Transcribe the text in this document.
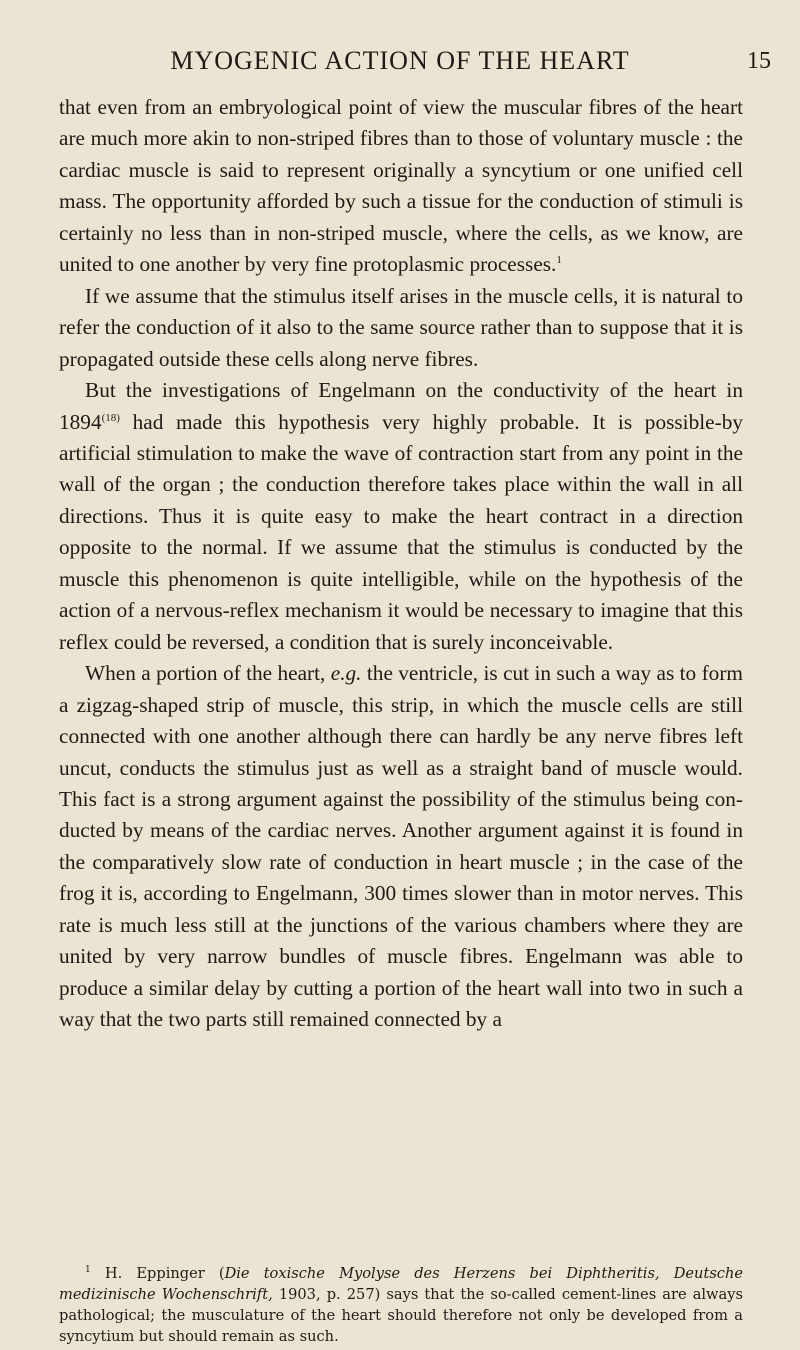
MYOGENIC ACTION OF THE HEART	15

that even from an embryological point of view the muscular fibres of the heart are much more akin to non-striped fibres than to those of voluntary muscle : the cardiac muscle is said to represent originally a syncytium or one unified cell mass. The opportunity afforded by such a tissue for the conduction of stimuli is certainly no less than in non-striped muscle, where the cells, as we know, are united to one another by very fine protoplasmic processes.$^1$

If we assume that the stimulus itself arises in the muscle cells, it is natural to refer the conduction of it also to the same source rather than to suppose that it is propagated outside these cells along nerve fibres.

But the investigations of Engelmann on the conductivity of the heart in 1894$^{(18)}$ had made this hypothesis very highly probable. It is possible-by artificial stimulation to make the wave of contraction start from any point in the wall of the organ ; the conduction therefore takes place within the wall in all directions. Thus it is quite easy to make the heart contract in a direction opposite to the normal. If we assume that the stimulus is conducted by the muscle this phenomenon is quite intelligible, while on the hypothesis of the action of a nervous-reflex mechanism it would be necessary to imagine that this reflex could be reversed, a condition that is surely inconceivable.

When a portion of the heart, e.g. the ventricle, is cut in such a way as to form a zigzag-shaped strip of muscle, this strip, in which the muscle cells are still connected with one another although there can hardly be any nerve fibres left uncut, conducts the stimulus just as well as a straight band of muscle would. This fact is a strong argument against the possibility of the stimulus being conducted by means of the cardiac nerves. Another argument against it is found in the comparatively slow rate of conduction in heart muscle ; in the case of the frog it is, according to Engelmann, 300 times slower than in motor nerves. This rate is much less still at the junctions of the various chambers where they are united by very narrow bundles of muscle fibres. Engelmann was able to produce a similar delay by cutting a portion of the heart wall into two in such a way that the two parts still remained connected by a

$^1$ H. Eppinger (Die toxische Myolyse des Herzens bei Diphtheritis, Deutsche medizinische Wochenschrift, 1903, p. 257) says that the so-called cement-lines are always pathological; the musculature of the heart should therefore not only be developed from a syncytium but should remain as such.
